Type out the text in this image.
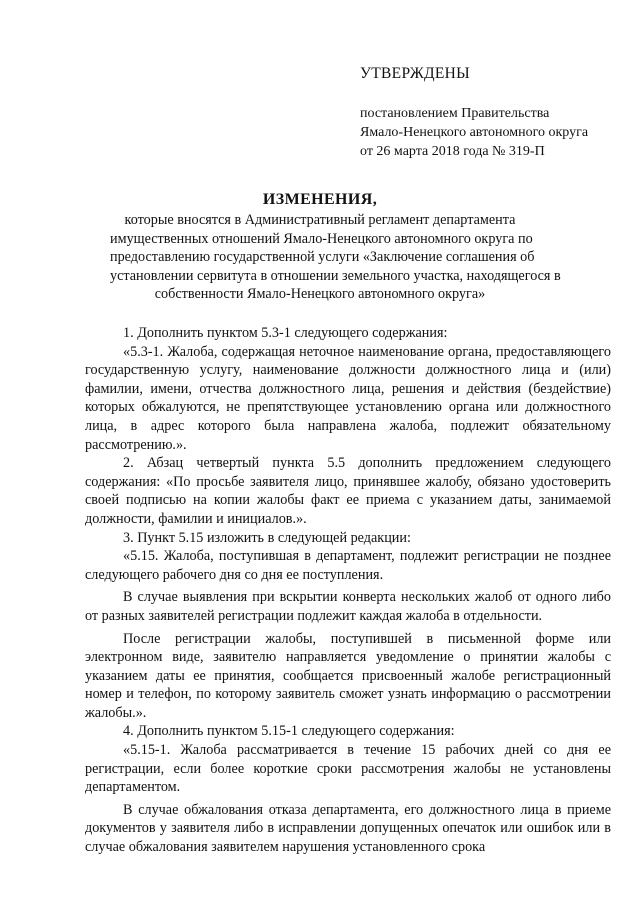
УТВЕРЖДЕНЫ

постановлением Правительства

Ямало-Ненецкого автономного округа

от 26 марта 2018 года № 319-П

ИЗМЕНЕНИЯ,

которые вносятся в Административный регламент департамента

имущественных отношений Ямало-Ненецкого автономного округа по

предоставлению государственной услуги «Заключение соглашения об

установлении сервитута в отношении земельного участка, находящегося в

собственности Ямало-Ненецкого автономного округа»

1. Дополнить пунктом 5.3-1 следующего содержания:

«5.3-1. Жалоба, содержащая неточное наименование органа, предоставляющего государственную услугу, наименование должности должностного лица и (или) фамилии, имени, отчества должностного лица, решения и действия (бездействие) которых обжалуются, не препятствующее установлению органа или должностного лица, в адрес которого была направлена жалоба, подлежит обязательному рассмотрению.».

2. Абзац четвертый пункта 5.5 дополнить предложением следующего содержания: «По просьбе заявителя лицо, принявшее жалобу, обязано удостоверить своей подписью на копии жалобы факт ее приема с указанием даты, занимаемой должности, фамилии и инициалов.».

3. Пункт 5.15 изложить в следующей редакции:

«5.15. Жалоба, поступившая в департамент, подлежит регистрации не позднее следующего рабочего дня со дня ее поступления.

В случае выявления при вскрытии конверта нескольких жалоб от одного либо от разных заявителей регистрации подлежит каждая жалоба в отдельности.

После регистрации жалобы, поступившей в письменной форме или электронном виде, заявителю направляется уведомление о принятии жалобы с указанием даты ее принятия, сообщается присвоенный жалобе регистрационный номер и телефон, по которому заявитель сможет узнать информацию о рассмотрении жалобы.».

4. Дополнить пунктом 5.15-1 следующего содержания:

«5.15-1. Жалоба рассматривается в течение 15 рабочих дней со дня ее регистрации, если более короткие сроки рассмотрения жалобы не установлены департаментом.

В случае обжалования отказа департамента, его должностного лица в приеме документов у заявителя либо в исправлении допущенных опечаток или ошибок или в случае обжалования заявителем нарушения установленного срока
